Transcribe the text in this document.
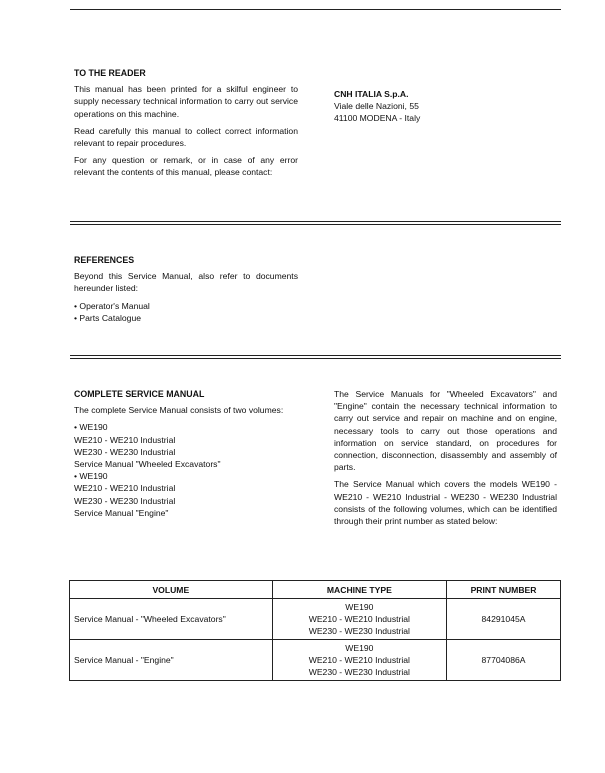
TO THE READER
This manual has been printed for a skilful engineer to supply necessary technical information to carry out service operations on this machine.
Read carefully this manual to collect correct information relevant to repair procedures.
For any question or remark, or in case of any error relevant the contents of this manual, please contact:
CNH ITALIA S.p.A.
Viale delle Nazioni, 55
41100 MODENA - Italy
REFERENCES
Beyond this Service Manual, also refer to documents hereunder listed:
• Operator's Manual
• Parts Catalogue
COMPLETE SERVICE MANUAL
The complete Service Manual consists of two volumes:
• WE190
WE210 - WE210 Industrial
WE230 - WE230 Industrial
Service Manual "Wheeled Excavators"
• WE190
WE210 - WE210 Industrial
WE230 - WE230 Industrial
Service Manual "Engine"
The Service Manuals for "Wheeled Excavators" and "Engine" contain the necessary technical information to carry out service and repair on machine and on engine, necessary tools to carry out those operations and information on service standard, on procedures for connection, disconnection, disassembly and assembly of parts.
The Service Manual which covers the models WE190 - WE210 - WE210 Industrial - WE230 - WE230 Industrial consists of the following volumes, which can be identified through their print number as stated below:
VOLUME	MACHINE TYPE	PRINT NUMBER
Service Manual - "Wheeled Excavators"	WE190
WE210 - WE210 Industrial
WE230 - WE230 Industrial	84291045A
Service Manual - "Engine"	WE190
WE210 - WE210 Industrial
WE230 - WE230 Industrial	87704086A
